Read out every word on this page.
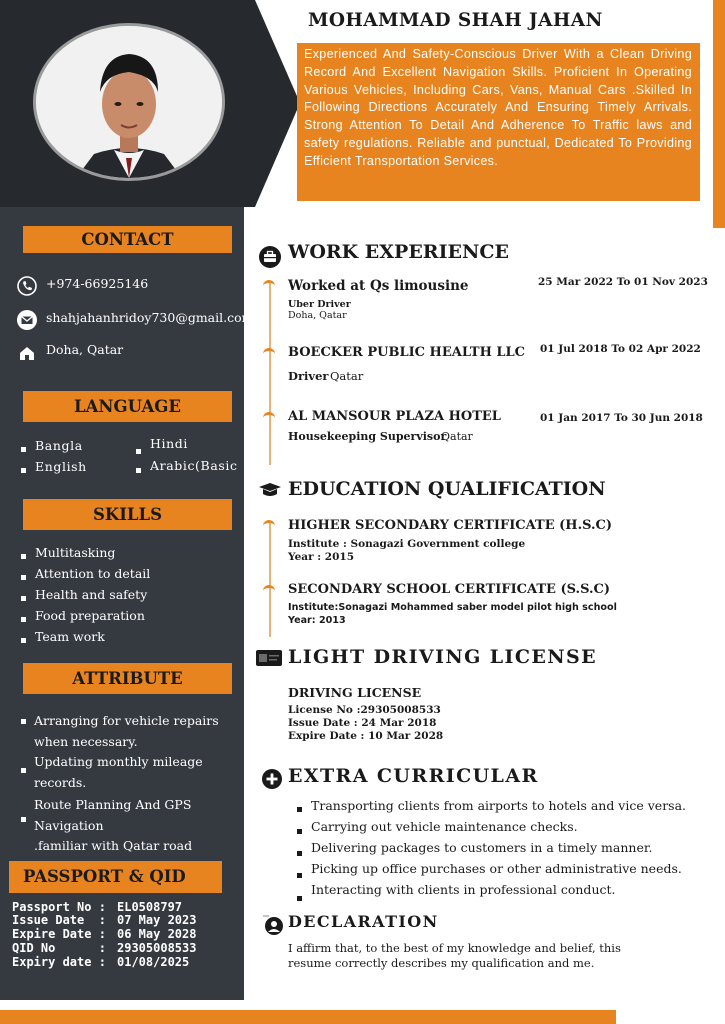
CONTACT
+974-66925146
shahjahanhridoy730@gmail.com
Doha, Qatar
LANGUAGE
Bangla
English
Hindi
Arabic(Basic
SKILLS
Multitasking
Attention to detail
Health and safety
Food preparation
Team work
ATTRIBUTE
Arranging for vehicle repairs
when necessary.
Updating monthly mileage
records.
Route Planning And GPS
Navigation
.familiar with Qatar road
PASSPORT & QID
Passport No : EL0508797
Issue Date  : 07 May 2023
Expire Date : 06 May 2028
QID No      : 29305008533
Expiry date : 01/08/2025
MOHAMMAD SHAH JAHAN
Experienced And Safety-Conscious Driver With a Clean Driving Record And Excellent Navigation Skills. Proficient In Operating Various Vehicles, Including Cars, Vans, Manual Cars .Skilled In Following Directions Accurately And Ensuring Timely Arrivals. Strong Attention To Detail And Adherence To Traffic laws and safety regulations. Reliable and punctual, Dedicated To Providing Efficient Transportation Services.
WORK EXPERIENCE
Worked at Qs limousine	25 Mar 2022 To 01 Nov 2023
Uber Driver
Doha, Qatar
BOECKER PUBLIC HEALTH LLC 01 Jul 2018 To 02 Apr 2022
Driver Qatar
AL MANSOUR PLAZA HOTEL	01 Jan 2017 To 30 Jun 2018
Housekeeping Supervisor
Qatar
EDUCATION QUALIFICATION
HIGHER SECONDARY CERTIFICATE (H.S.C)
Institute : Sonagazi Government college
Year : 2015
SECONDARY SCHOOL CERTIFICATE (S.S.C)
Institute:Sonagazi Mohammed saber model pilot high school
Year: 2013
LIGHT DRIVING LICENSE
DRIVING LICENSE
License No :29305008533
Issue Date : 24 Mar 2018
Expire Date : 10 Mar 2028
EXTRA CURRICULAR
Transporting clients from airports to hotels and vice versa.
Carrying out vehicle maintenance checks.
Delivering packages to customers in a timely manner.
Picking up office purchases or other administrative needs.
Interacting with clients in professional conduct.
DECLARATION
I affirm that, to the best of my knowledge and belief, this
resume correctly describes my qualification and me.
